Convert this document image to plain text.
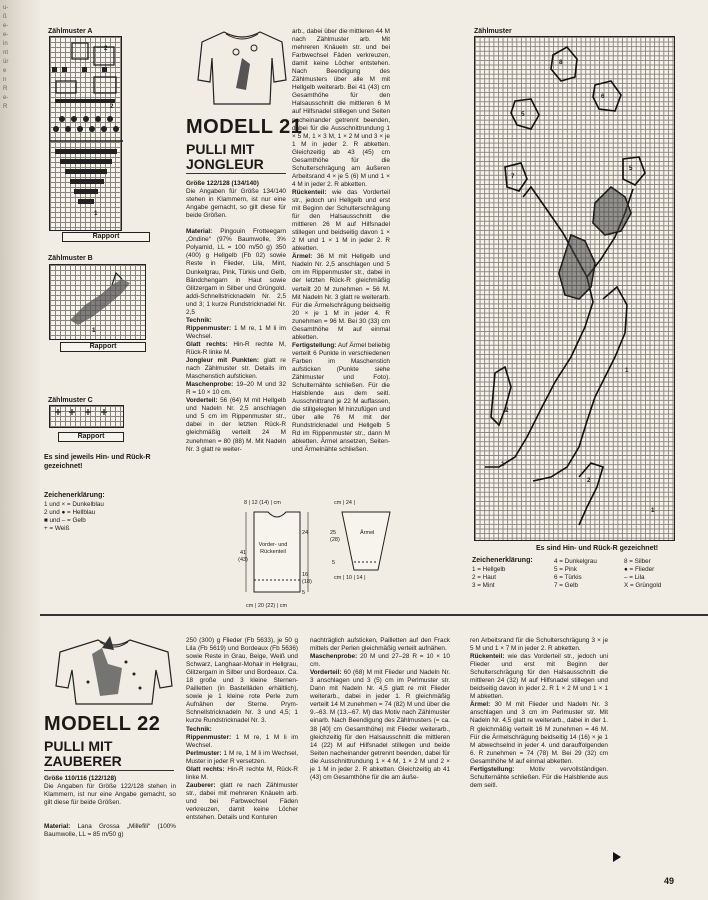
u-
ß
e-
e-
in
nt
ür
e
n
R
e-
R
Zählmuster A
2
2
1
Rapport
Zählmuster B
1
Rapport
Zählmuster C
Rapport
Es sind jeweils Hin- und Rück-R gezeichnet!
Zeichenerklärung:
1 und × = Dunkelblau
2 und ● = Hellblau
■ und – = Gelb
+ = Weiß
MODELL 21
PULLI MIT
JONGLEUR
Größe 122/128 (134/140)
Die Angaben für Größe 134/140 stehen in Klammern, ist nur eine Angabe gemacht, so gilt diese für beide Größen.

Material: Pingouin Frotteegarn „Ondine“ (97% Baumwolle, 3% Polyamid, LL = 100 m/50 g) 350 (400) g Hellgelb (Fb 02) sowie Reste in Flieder, Lila, Mint, Dunkelgrau, Pink, Türkis und Gelb, Bändchengarn in Haut sowie Glitzergarn in Silber und Grüngold. addi-Schnellstricknadeln Nr. 2,5 und 3; 1 kurze Rundstricknadel Nr. 2,5
Technik:
Rippenmuster: 1 M re, 1 M li im Wechsel.
Glatt rechts: Hin-R rechte M, Rück-R linke M.
Jongleur mit Punkten: glatt re nach Zählmuster str. Details im Maschenstich aufsticken.
Maschenprobe: 19–20 M und 32 R = 10 × 10 cm.
Vorderteil: 56 (64) M mit Hellgelb und Nadeln Nr. 2,5 anschlagen und 5 cm im Rippenmuster str., dabei in der letzten Rück-R gleichmäßig verteilt 24 M zunehmen = 80 (88) M. Mit Nadeln Nr. 3 glatt re weiter-
arb., dabei über die mittleren 44 M nach Zählmuster arb. Mit mehreren Knäueln str. und bei Farbwechsel Fäden verkreuzen, damit keine Löcher entstehen. Nach Beendigung des Zählmusters über alle M mit Hellgelb weiterarb. Bei 41 (43) cm Gesamthöhe für den Halsausschnitt die mittleren 6 M auf Hilfsnadel stillegen und Seiten nacheinander getrennt beenden, dabei für die Ausschnittrundung 1 × 5 M, 1 × 3 M, 1 × 2 M und 3 × je 1 M in jeder 2. R abketten. Gleichzeitig ab 43 (45) cm Gesamthöhe für die Schulterschrägung am äußeren Arbeitsrand 4 × je 5 (6) M und 1 × 4 M in jeder 2. R abketten.
Rückenteil: wie das Vorderteil str., jedoch uni Hellgelb und erst mit Beginn der Schulterschrägung für den Halsausschnitt die mittleren 26 M auf Hilfsnadel stillegen und beidseitig davon 1 × 2 M und 1 × 1 M in jeder 2. R abketten.
Ärmel: 36 M mit Hellgelb und Nadeln Nr. 2,5 anschlagen und 5 cm im Rippenmuster str., dabei in der letzten Rück-R gleichmäßig verteilt 20 M zunehmen = 56 M. Mit Nadeln Nr. 3 glatt re weiterarb. Für die Ärmelschrägung beidseitig 20 × je 1 M in jeder 4. R zunehmen = 96 M. Bei 30 (33) cm Gesamthöhe M auf einmal abketten.
Fertigstellung: Auf Ärmel beliebig verteilt 6 Punkte in verschiedenen Farben im Maschenstich aufsticken (Punkte siehe Zählmuster und Foto). Schulternähte schließen. Für die Halsblende aus dem seitl. Ausschnittrand je 22 M auffassen, die stillgelegten M hinzufügen und über alle 76 M mit der Rundstricknadel und Hellgelb 5 Rd im Rippenmuster str., dann M abketten. Ärmel ansetzen, Seiten- und Ärmelnähte schließen.
8 | 12 (14) | cm
Vorder- und Rückenteil
41 (43)
24
16 (18)
5
cm | 20 (22) | cm
cm | 24 |
Ärmel
25 (28)
5
cm | 10 | 14 |
Zählmuster
8
6
5
5
7
2
2
1
1
1
Es sind Hin- und Rück-R gezeichnet!
Zeichenerklärung:
1 = Hellgelb
2 = Haut
3 = Mint
4 = Dunkelgrau
5 = Pink
6 = Türkis
7 = Gelb
8 = Silber
● = Flieder
– = Lila
X = Grüngold
MODELL 22
PULLI MIT
ZAUBERER
Größe 110/116 (122/128)
Die Angaben für Größe 122/128 stehen in Klammern, ist nur eine Angabe gemacht, so gilt diese für beide Größen.

Material: Lana Grossa „Millefili“ (100% Baumwolle, LL = 85 m/50 g)
250 (300) g Flieder (Fb 5633), je 50 g Lila (Fb 5619) und Bordeaux (Fb 5636) sowie Reste in Grau, Beige, Weiß und Schwarz, Langhaar-Mohair in Hellgrau, Glitzergarn in Silber und Bordeaux. Ca. 18 große und 3 kleine Sternen-Pailletten (in Bastelläden erhältlich), sowie je 1 kleine rote Perle zum Aufnähen der Sterne. Prym-Schnellstricknadeln Nr. 3 und 4,5; 1 kurze Rundstricknadel Nr. 3.
Technik:
Rippenmuster: 1 M re, 1 M li im Wechsel.
Perlmuster: 1 M re, 1 M li im Wechsel, Muster in jeder R versetzen.
Glatt rechts: Hin-R rechte M, Rück-R linke M.
Zauberer: glatt re nach Zählmuster str., dabei mit mehreren Knäueln arb. und bei Farbwechsel Fäden verkreuzen, damit keine Löcher entstehen. Details und Konturen
nachträglich aufsticken, Pailletten auf den Frack mittels der Perlen gleichmäßig verteilt aufnähen.
Maschenprobe: 20 M und 27–28 R = 10 × 10 cm.
Vorderteil: 60 (68) M mit Flieder und Nadeln Nr. 3 anschlagen und 3 (5) cm im Perlmuster str. Dann mit Nadeln Nr. 4,5 glatt re mit Flieder weiterarb., dabei in jeder 1. R gleichmäßig verteilt 14 M zunehmen = 74 (82) M und über die 9.–63. M (13.–67. M) das Motiv nach Zählmuster einarb. Nach Beendigung des Zählmusters (= ca. 38 [40] cm Gesamthöhe) mit Flieder weiterarb., gleichzeitig für den Halsausschnitt die mittleren 14 (22) M auf Hilfsnadel stillegen und beide Seiten nacheinander getrennt beenden, dabei für die Ausschnittrundung 1 × 4 M, 1 × 2 M und 2 × je 1 M in jeder 2. R abketten. Gleichzeitig ab 41 (43) cm Gesamthöhe für die am äuße-
ren Arbeitsrand für die Schulterschrägung 3 × je 5 M und 1 × 7 M in jeder 2. R abketten.
Rückenteil: wie das Vorderteil str., jedoch uni Flieder und erst mit Beginn der Schulterschrägung für den Halsausschnitt die mittleren 24 (32) M auf Hilfsnadel stillegen und beidseitig davon in jeder 2. R 1 × 2 M und 1 × 1 M abketten.
Ärmel: 30 M mit Flieder und Nadeln Nr. 3 anschlagen und 3 cm im Perlmuster str. Mit Nadeln Nr. 4,5 glatt re weiterarb., dabei in der 1. R gleichmäßig verteilt 16 M zunehmen = 46 M. Für die Ärmelschrägung beidseitig 14 (16) × je 1 M abwechselnd in jeder 4. und darauffolgenden 6. R zunehmen = 74 (78) M. Bei 29 (32) cm Gesamthöhe M auf einmal abketten.
Fertigstellung: Motiv vervollständigen. Schulternähte schließen. Für die Halsblende aus dem seitl.
49
